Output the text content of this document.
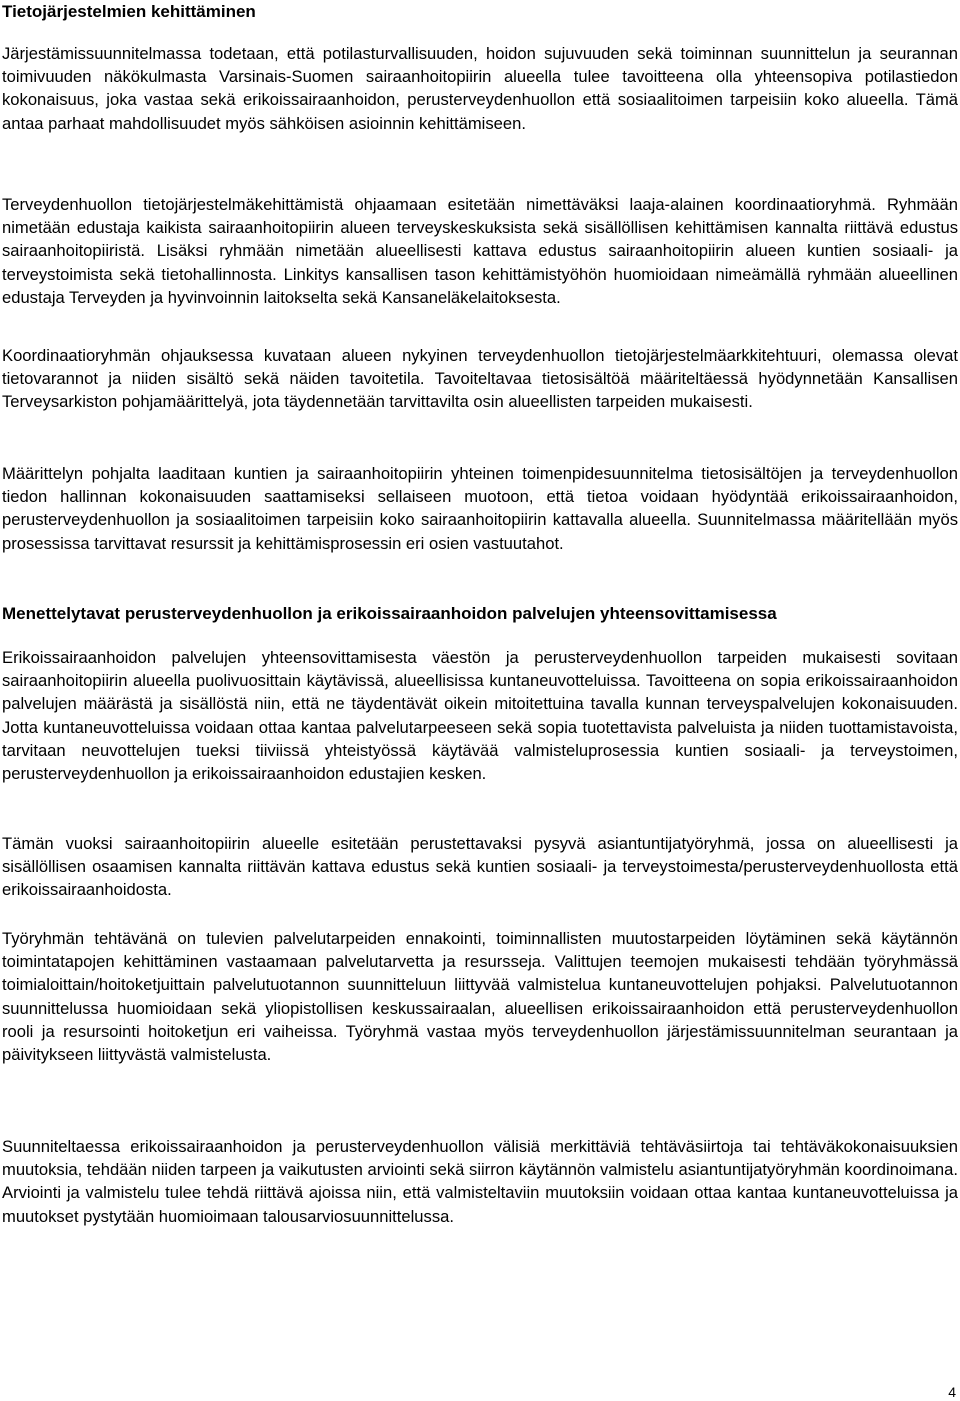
Tietojärjestelmien kehittäminen

Järjestämissuunnitelmassa todetaan, että potilasturvallisuuden, hoidon sujuvuuden sekä toiminnan suunnittelun ja seurannan toimivuuden näkökulmasta Varsinais-Suomen sairaanhoitopiirin alueella tulee tavoitteena olla yhteensopiva potilastiedon kokonaisuus, joka vastaa sekä erikoissairaanhoidon, perusterveydenhuollon että sosiaalitoimen tarpeisiin koko alueella. Tämä antaa parhaat mahdollisuudet myös sähköisen asioinnin kehittämiseen.

Terveydenhuollon tietojärjestelmäkehittämistä ohjaamaan esitetään nimettäväksi laaja-alainen koordinaatioryhmä. Ryhmään nimetään edustaja kaikista sairaanhoitopiirin alueen terveyskeskuksista sekä sisällöllisen kehittämisen kannalta riittävä edustus sairaanhoitopiiristä. Lisäksi ryhmään nimetään alueellisesti kattava edustus sairaanhoitopiirin alueen kuntien sosiaali- ja terveystoimista sekä tietohallinnosta. Linkitys kansallisen tason kehittämistyöhön huomioidaan nimeämällä ryhmään alueellinen edustaja Terveyden ja hyvinvoinnin laitokselta sekä Kansaneläkelaitoksesta.

Koordinaatioryhmän ohjauksessa kuvataan alueen nykyinen terveydenhuollon tietojärjestelmäarkkitehtuuri, olemassa olevat tietovarannot ja niiden sisältö sekä näiden tavoitetila. Tavoiteltavaa tietosisältöä määriteltäessä hyödynnetään Kansallisen Terveysarkiston pohjamäärittelyä, jota täydennetään tarvittavilta osin alueellisten tarpeiden mukaisesti.

Määrittelyn pohjalta laaditaan kuntien ja sairaanhoitopiirin yhteinen toimenpidesuunnitelma tietosisältöjen ja terveydenhuollon tiedon hallinnan kokonaisuuden saattamiseksi sellaiseen muotoon, että tietoa voidaan hyödyntää erikoissairaanhoidon, perusterveydenhuollon ja sosiaalitoimen tarpeisiin koko sairaanhoitopiirin kattavalla alueella. Suunnitelmassa määritellään myös prosessissa tarvittavat resurssit ja kehittämisprosessin eri osien vastuutahot.

Menettelytavat perusterveydenhuollon ja erikoissairaanhoidon palvelujen yhteensovittamisessa

Erikoissairaanhoidon palvelujen yhteensovittamisesta väestön ja perusterveydenhuollon tarpeiden mukaisesti sovitaan sairaanhoitopiirin alueella puolivuosittain käytävissä, alueellisissa kuntaneuvotteluissa. Tavoitteena on sopia erikoissairaanhoidon palvelujen määrästä ja sisällöstä niin, että ne täydentävät oikein mitoitettuina tavalla kunnan terveyspalvelujen kokonaisuuden. Jotta kuntaneuvotteluissa voidaan ottaa kantaa palvelutarpeeseen sekä sopia tuotettavista palveluista ja niiden tuottamistavoista, tarvitaan neuvottelujen tueksi tiiviissä yhteistyössä käytävää valmisteluprosessia kuntien sosiaali- ja terveystoimen, perusterveydenhuollon ja erikoissairaanhoidon edustajien kesken.

Tämän vuoksi sairaanhoitopiirin alueelle esitetään perustettavaksi pysyvä asiantuntijatyöryhmä, jossa on alueellisesti ja sisällöllisen osaamisen kannalta riittävän kattava edustus sekä kuntien sosiaali- ja terveystoimesta/perusterveydenhuollosta että erikoissairaanhoidosta.

Työryhmän tehtävänä on tulevien palvelutarpeiden ennakointi, toiminnallisten muutostarpeiden löytäminen sekä käytännön toimintatapojen kehittäminen vastaamaan palvelutarvetta ja resursseja. Valittujen teemojen mukaisesti tehdään työryhmässä toimialoittain/hoitoketjuittain palvelutuotannon suunnitteluun liittyvää valmistelua kuntaneuvottelujen pohjaksi. Palvelutuotannon suunnittelussa huomioidaan sekä yliopistollisen keskussairaalan, alueellisen erikoissairaanhoidon että perusterveydenhuollon rooli ja resursointi hoitoketjun eri vaiheissa. Työryhmä vastaa myös terveydenhuollon järjestämissuunnitelman seurantaan ja päivitykseen liittyvästä valmistelusta.

Suunniteltaessa erikoissairaanhoidon ja perusterveydenhuollon välisiä merkittäviä tehtäväsiirtoja tai tehtäväkokonaisuuksien muutoksia, tehdään niiden tarpeen ja vaikutusten arviointi sekä siirron käytännön valmistelu asiantuntijatyöryhmän koordinoimana. Arviointi ja valmistelu tulee tehdä riittävä ajoissa niin, että valmisteltaviin muutoksiin voidaan ottaa kantaa kuntaneuvotteluissa ja muutokset pystytään huomioimaan talousarviosuunnittelussa.

4
